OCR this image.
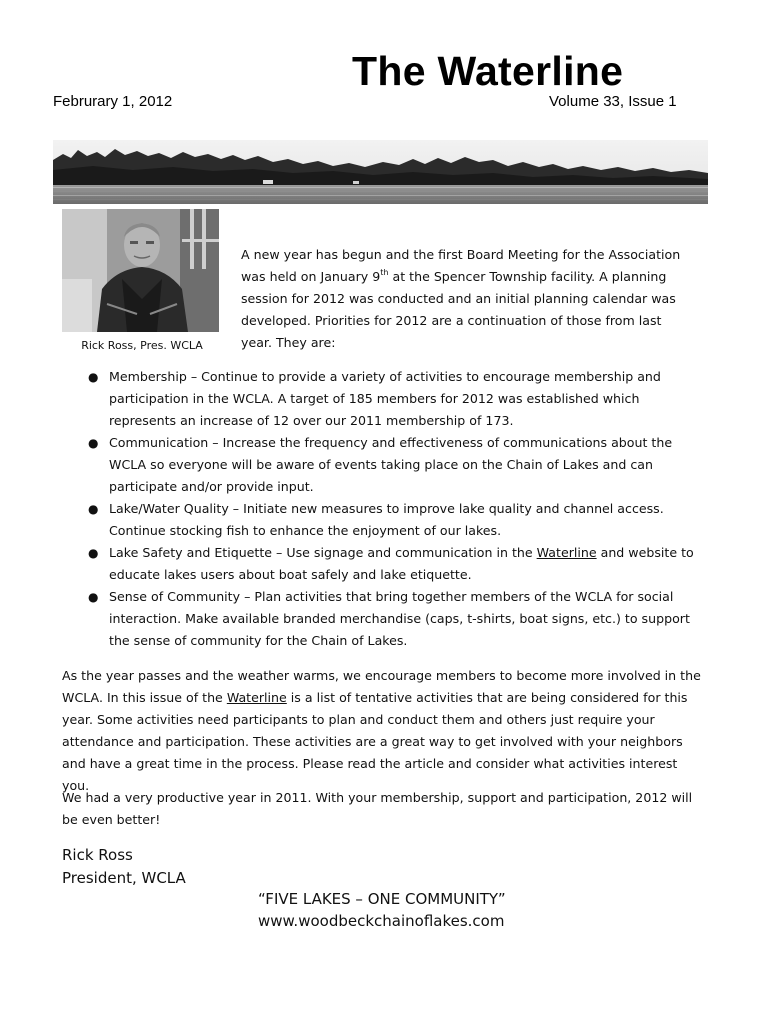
The Waterline
Februrary 1, 2012	Volume 33, Issue 1
Rick Ross, Pres. WCLA

A new year has begun and the first Board Meeting for the Association was held on January 9th at the Spencer Township facility. A planning session for 2012 was conducted and an initial planning calendar was developed. Priorities for 2012 are a continuation of those from last year. They are:

● Membership – Continue to provide a variety of activities to encourage membership and participation in the WCLA. A target of 185 members for 2012 was established which represents an increase of 12 over our 2011 membership of 173.
● Communication – Increase the frequency and effectiveness of communications about the WCLA so everyone will be aware of events taking place on the Chain of Lakes and can participate and/or provide input.
● Lake/Water Quality – Initiate new measures to improve lake quality and channel access. Continue stocking fish to enhance the enjoyment of our lakes.
● Lake Safety and Etiquette – Use signage and communication in the Waterline and website to educate lakes users about boat safely and lake etiquette.
● Sense of Community – Plan activities that bring together members of the WCLA for social interaction. Make available branded merchandise (caps, t-shirts, boat signs, etc.) to support the sense of community for the Chain of Lakes.

As the year passes and the weather warms, we encourage members to become more involved in the WCLA. In this issue of the Waterline is a list of tentative activities that are being considered for this year. Some activities need participants to plan and conduct them and others just require your attendance and participation. These activities are a great way to get involved with your neighbors and have a great time in the process. Please read the article and consider what activities interest you.

We had a very productive year in 2011. With your membership, support and participation, 2012 will be even better!

Rick Ross
President, WCLA
“FIVE LAKES – ONE COMMUNITY”
www.woodbeckchainoflakes.com
